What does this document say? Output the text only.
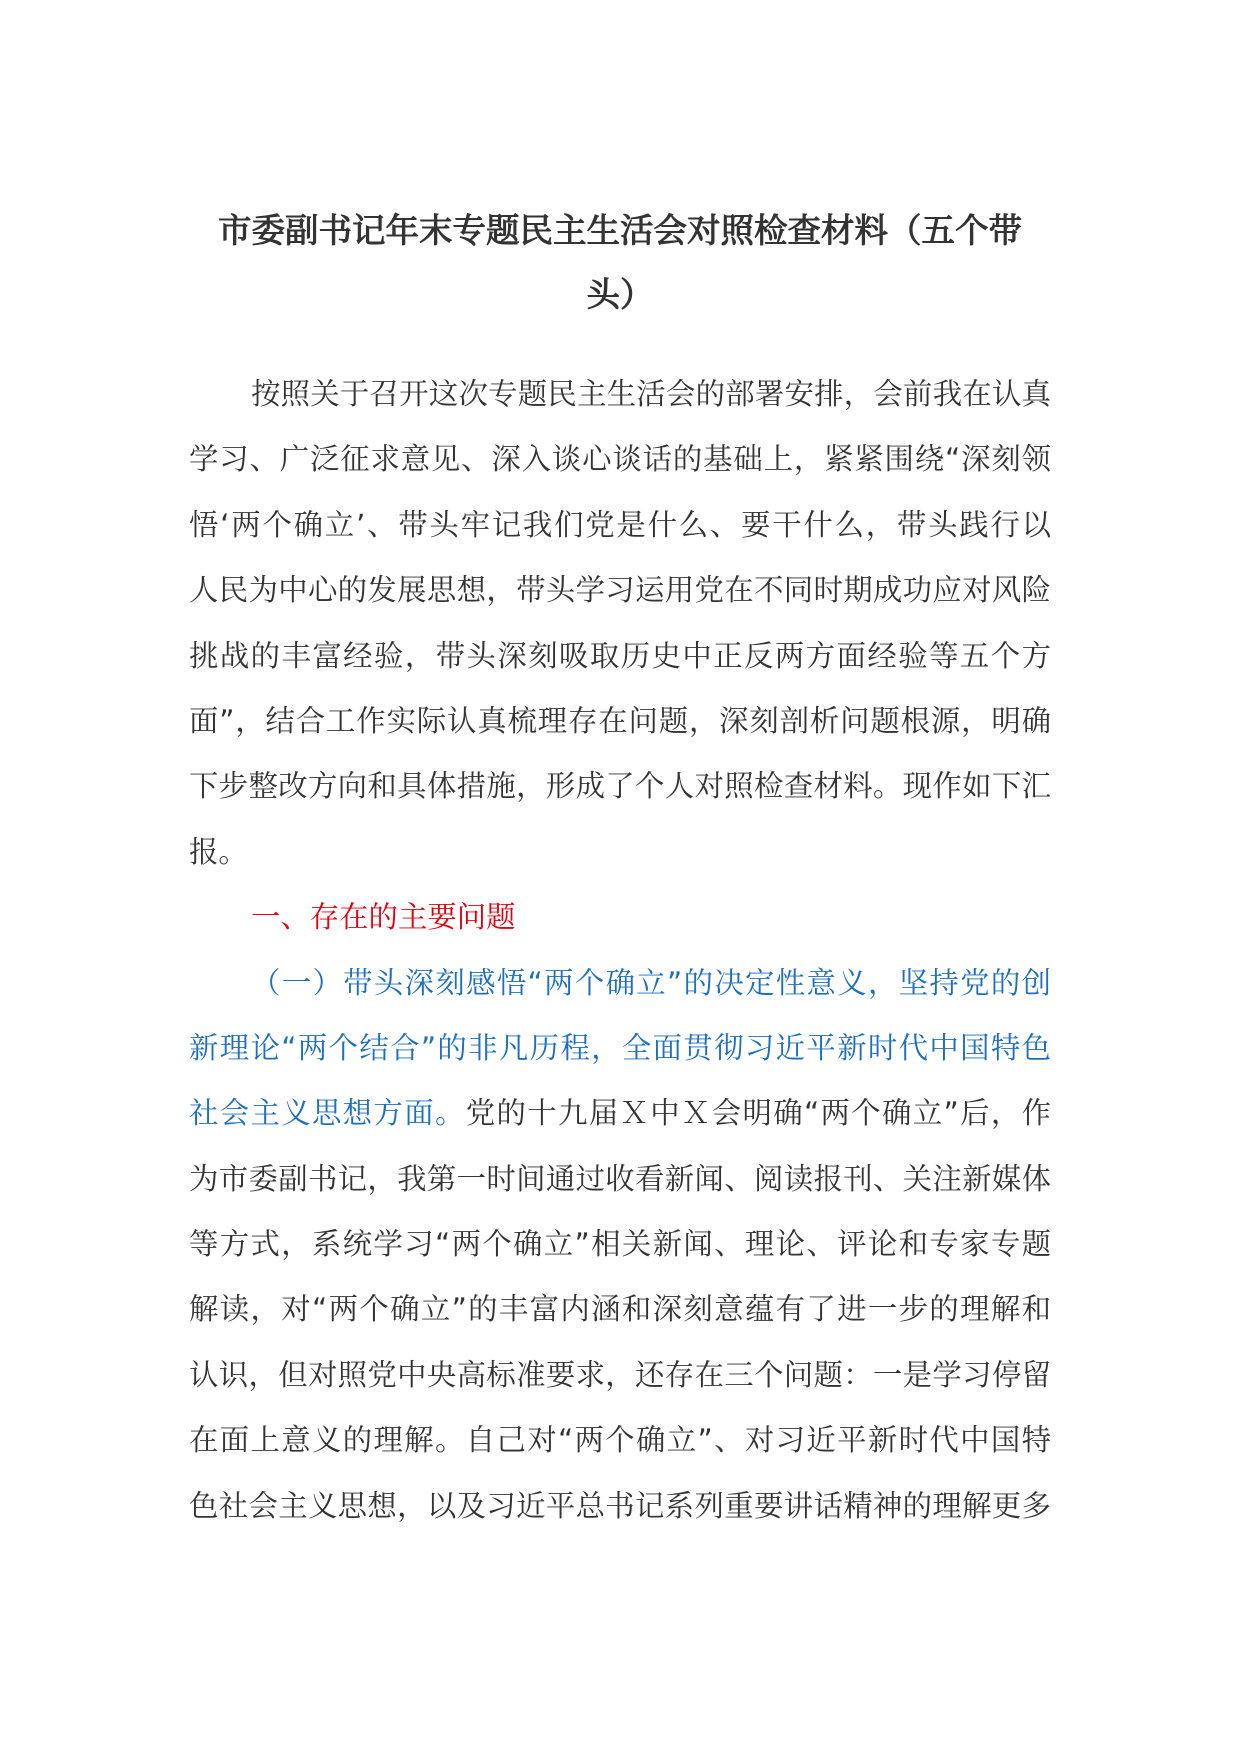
市委副书记年末专题民主生活会对照检查材料（五个带
头）
按照关于召开这次专题民主生活会的部署安排，会前我在认真
学习、广泛征求意见、深入谈心谈话的基础上，紧紧围绕“深刻领
悟‘两个确立’、带头牢记我们党是什么、要干什么，带头践行以
人民为中心的发展思想，带头学习运用党在不同时期成功应对风险
挑战的丰富经验，带头深刻吸取历史中正反两方面经验等五个方
面”，结合工作实际认真梳理存在问题，深刻剖析问题根源，明确
下步整改方向和具体措施，形成了个人对照检查材料。现作如下汇
报。
一、存在的主要问题
（一）带头深刻感悟“两个确立”的决定性意义，坚持党的创
新理论“两个结合”的非凡历程，全面贯彻习近平新时代中国特色
社会主义思想方面。党的十九届Ｘ中Ｘ会明确“两个确立”后，作
为市委副书记，我第一时间通过收看新闻、阅读报刊、关注新媒体
等方式，系统学习“两个确立”相关新闻、理论、评论和专家专题
解读，对“两个确立”的丰富内涵和深刻意蕴有了进一步的理解和
认识，但对照党中央高标准要求，还存在三个问题：一是学习停留
在面上意义的理解。自己对“两个确立”、对习近平新时代中国特
色社会主义思想，以及习近平总书记系列重要讲话精神的理解更多
